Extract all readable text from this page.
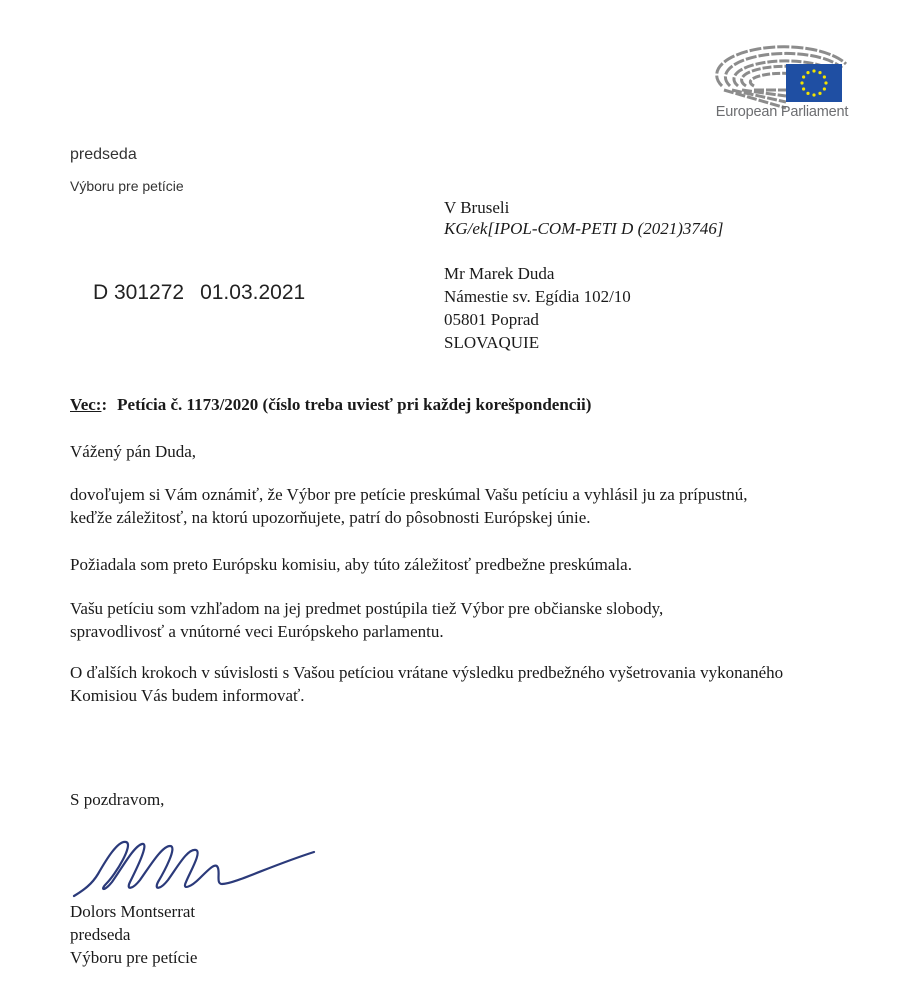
European Parliament
predseda
Výboru pre petície
V Bruseli
KG/ek[IPOL-COM-PETI D (2021)3746]
D 301272 01.03.2021
Mr Marek Duda
Námestie sv. Egídia 102/10
05801 Poprad
SLOVAQUIE
Vec:: Petícia č. 1173/2020 (číslo treba uviesť pri každej korešpondencii)
Vážený pán Duda,
dovoľujem si Vám oznámiť, že Výbor pre petície preskúmal Vašu petíciu a vyhlásil ju za prípustnú, keďže záležitosť, na ktorú upozorňujete, patrí do pôsobnosti Európskej únie.
Požiadala som preto Európsku komisiu, aby túto záležitosť predbežne preskúmala.
Vašu petíciu som vzhľadom na jej predmet postúpila tiež Výbor pre občianske slobody, spravodlivosť a vnútorné veci Európskeho parlamentu.
O ďalších krokoch v súvislosti s Vašou petíciou vrátane výsledku predbežného vyšetrovania vykonaného Komisiou Vás budem informovať.
S pozdravom,
Dolors Montserrat
predseda
Výboru pre petície
